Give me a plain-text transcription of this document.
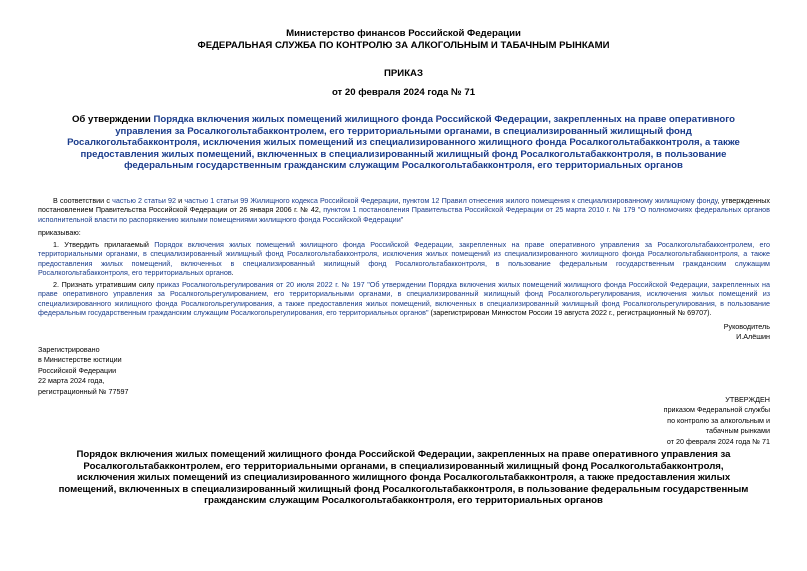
Министерство финансов Российской Федерации
ФЕДЕРАЛЬНАЯ СЛУЖБА ПО КОНТРОЛЮ ЗА АЛКОГОЛЬНЫМ И ТАБАЧНЫМ РЫНКАМИ
ПРИКАЗ
от 20 февраля 2024 года № 71
Об утверждении Порядка включения жилых помещений жилищного фонда Российской Федерации, закрепленных на праве оперативного управления за Росалкогольтабакконтролем, его территориальными органами, в специализированный жилищный фонд Росалкогольтабакконтроля, исключения жилых помещений из специализированного жилищного фонда Росалкогольтабакконтроля, а также предоставления жилых помещений, включенных в специализированный жилищный фонд Росалкогольтабакконтроля, в пользование федеральным государственным гражданским служащим Росалкогольтабакконтроля, его территориальных органов
В соответствии с частью 2 статьи 92 и частью 1 статьи 99 Жилищного кодекса Российской Федерации, пунктом 12 Правил отнесения жилого помещения к специализированному жилищному фонду, утвержденных постановлением Правительства Российской Федерации от 26 января 2006 г. № 42, пунктом 1 постановления Правительства Российской Федерации от 25 марта 2010 г. № 179 "О полномочиях федеральных органов исполнительной власти по распоряжению жилыми помещениями жилищного фонда Российской Федерации"
приказываю:
1. Утвердить прилагаемый Порядок включения жилых помещений жилищного фонда Российской Федерации, закрепленных на праве оперативного управления за Росалкогольтабакконтролем, его территориальными органами, в специализированный жилищный фонд Росалкогольтабакконтроля, исключения жилых помещений из специализированного жилищного фонда Росалкогольтабакконтроля, а также предоставления жилых помещений, включенных в специализированный жилищный фонд Росалкогольтабакконтроля, в пользование федеральным государственным гражданским служащим Росалкогольтабакконтроля, его территориальных органов.
2. Признать утратившим силу приказ Росалкогольрегулирования от 20 июля 2022 г. № 197 "Об утверждении Порядка включения жилых помещений жилищного фонда Российской Федерации, закрепленных на праве оперативного управления за Росалкогольрегулированием, его территориальными органами, в специализированный жилищный фонд Росалкогольрегулирования, исключения жилых помещений из специализированного жилищного фонда Росалкогольрегулирования, а также предоставления жилых помещений, включенных в специализированный жилищный фонд Росалкогольрегулирования, в пользование федеральным государственным гражданским служащим Росалкогольрегулирования, его территориальных органов" (зарегистрирован Минюстом России 19 августа 2022 г., регистрационный № 69707).
Руководитель
И.Алёшин
Зарегистрировано
в Министерстве юстиции
Российской Федерации
22 марта 2024 года,
регистрационный № 77597
УТВЕРЖДЕН
приказом Федеральной службы
по контролю за алкогольным и
табачным рынками
от 20 февраля 2024 года № 71
Порядок включения жилых помещений жилищного фонда Российской Федерации, закрепленных на праве оперативного управления за Росалкогольтабакконтролем, его территориальными органами, в специализированный жилищный фонд Росалкогольтабакконтроля, исключения жилых помещений из специализированного жилищного фонда Росалкогольтабакконтроля, а также предоставления жилых помещений, включенных в специализированный жилищный фонд Росалкогольтабакконтроля, в пользование федеральным государственным гражданским служащим Росалкогольтабакконтроля, его территориальных органов
